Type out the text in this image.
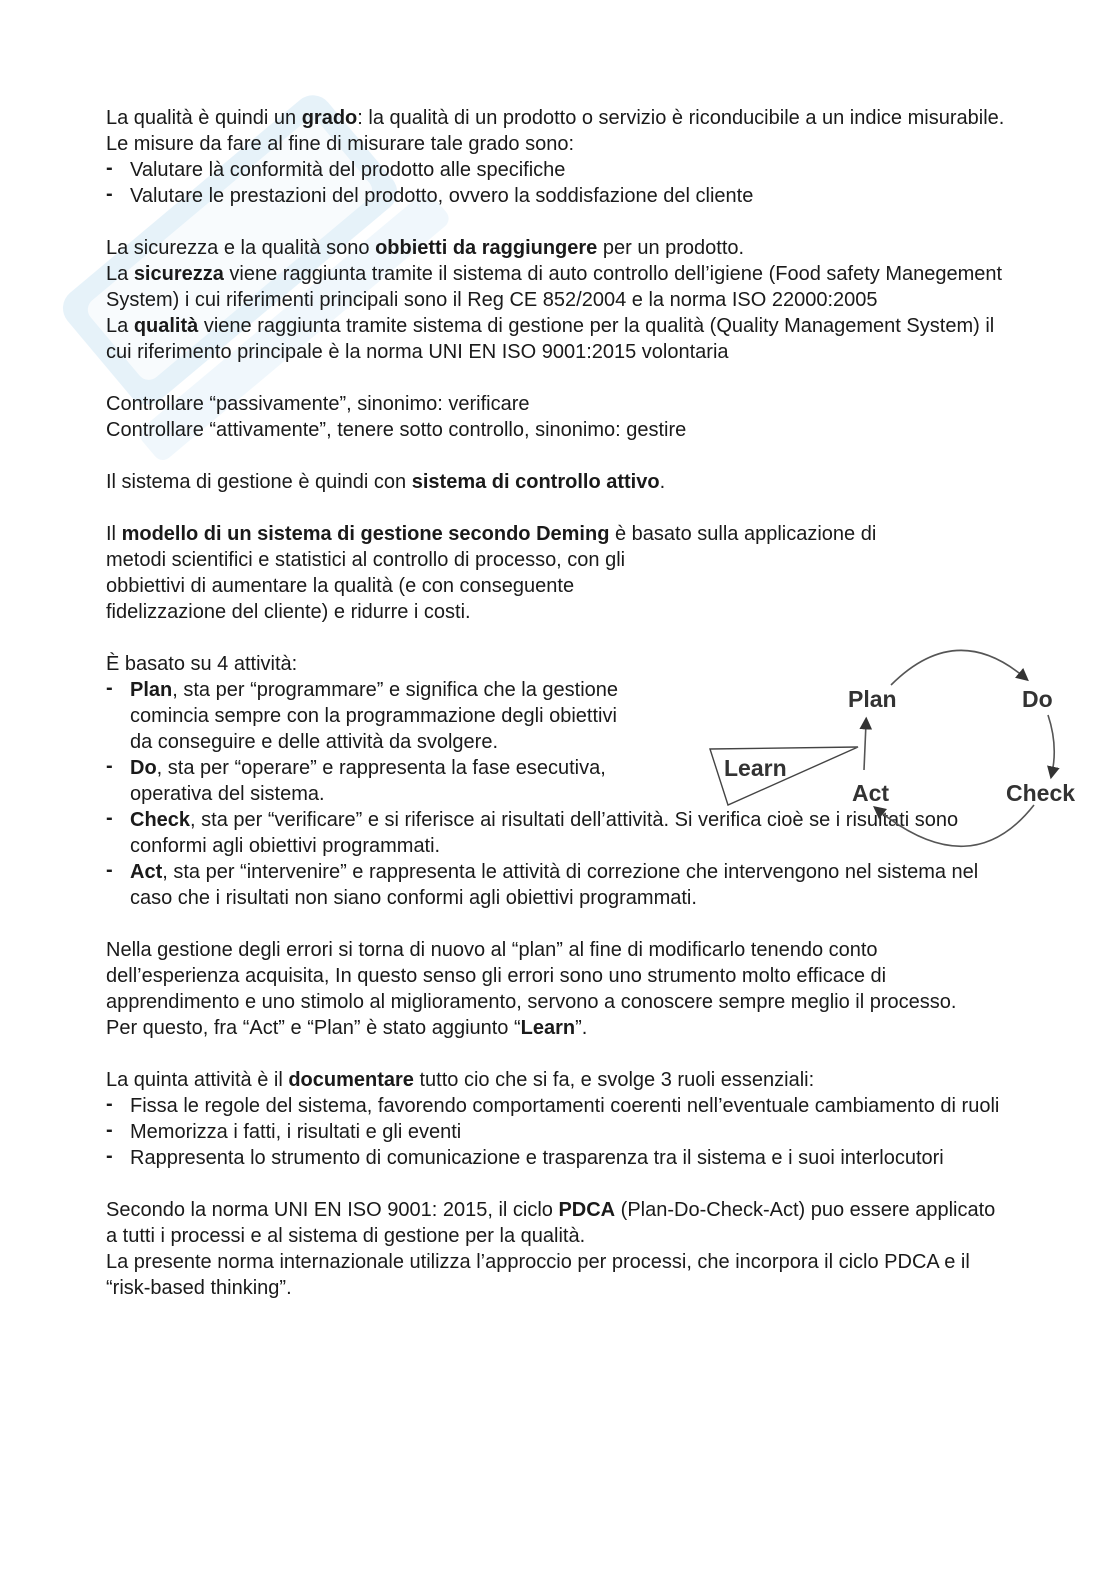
La qualità è quindi un grado: la qualità di un prodotto o servizio è riconducibile a un indice misurabile.

Le misure da fare al fine di misurare tale grado sono:

- Valutare là conformità del prodotto alle specifiche
- Valutare le prestazioni del prodotto, ovvero la soddisfazione del cliente

La sicurezza e la qualità sono obbietti da raggiungere per un prodotto.

La sicurezza viene raggiunta tramite il sistema di auto controllo dell’igiene (Food safety Manegement System) i cui riferimenti principali sono il Reg CE 852/2004 e la norma ISO 22000:2005

La qualità viene raggiunta tramite sistema di gestione per la qualità (Quality Management System) il cui riferimento principale è la norma UNI EN ISO 9001:2015 volontaria

Controllare “passivamente”, sinonimo: verificare

Controllare “attivamente”, tenere sotto controllo, sinonimo: gestire

Il sistema di gestione è quindi con sistema di controllo attivo.

Il modello di un sistema di gestione secondo Deming è basato sulla applicazione di

metodi scientifici e statistici al controllo di processo, con gli obbiettivi di aumentare la qualità (e con conseguente fidelizzazione del cliente) e ridurre i costi.

È basato su 4 attività:

- Plan, sta per “programmare” e significa che la gestione comincia sempre con la programmazione degli obiettivi da conseguire e delle attività da svolgere.
- Do, sta per “operare” e rappresenta la fase esecutiva, operativa del sistema.
- Check, sta per “verificare” e si riferisce ai risultati dell’attività. Si verifica cioè se i risultati sono conformi agli obiettivi programmati.
- Act, sta per “intervenire” e rappresenta le attività di correzione che intervengono nel sistema nel caso che i risultati non siano conformi agli obiettivi programmati.

Nella gestione degli errori si torna di nuovo al “plan” al fine di modificarlo tenendo conto dell’esperienza acquisita, In questo senso gli errori sono uno strumento molto efficace di apprendimento e uno stimolo al miglioramento, servono a conoscere sempre meglio il processo.

Per questo, fra “Act” e “Plan” è stato aggiunto “Learn”.

La quinta attività è il documentare tutto cio che si fa, e svolge 3 ruoli essenziali:

- Fissa le regole del sistema, favorendo comportamenti coerenti nell’eventuale cambiamento di ruoli
- Memorizza i fatti, i risultati e gli eventi
- Rappresenta lo strumento di comunicazione e trasparenza tra il sistema e i suoi interlocutori

Secondo la norma UNI EN ISO 9001: 2015, il ciclo PDCA (Plan-Do-Check-Act) puo essere applicato a tutti i processi e al sistema di gestione per la qualità.

La presente norma internazionale utilizza l’approccio per processi, che incorpora il ciclo PDCA e il “risk-based thinking”.

Plan	Do
Check
Act
Learn
